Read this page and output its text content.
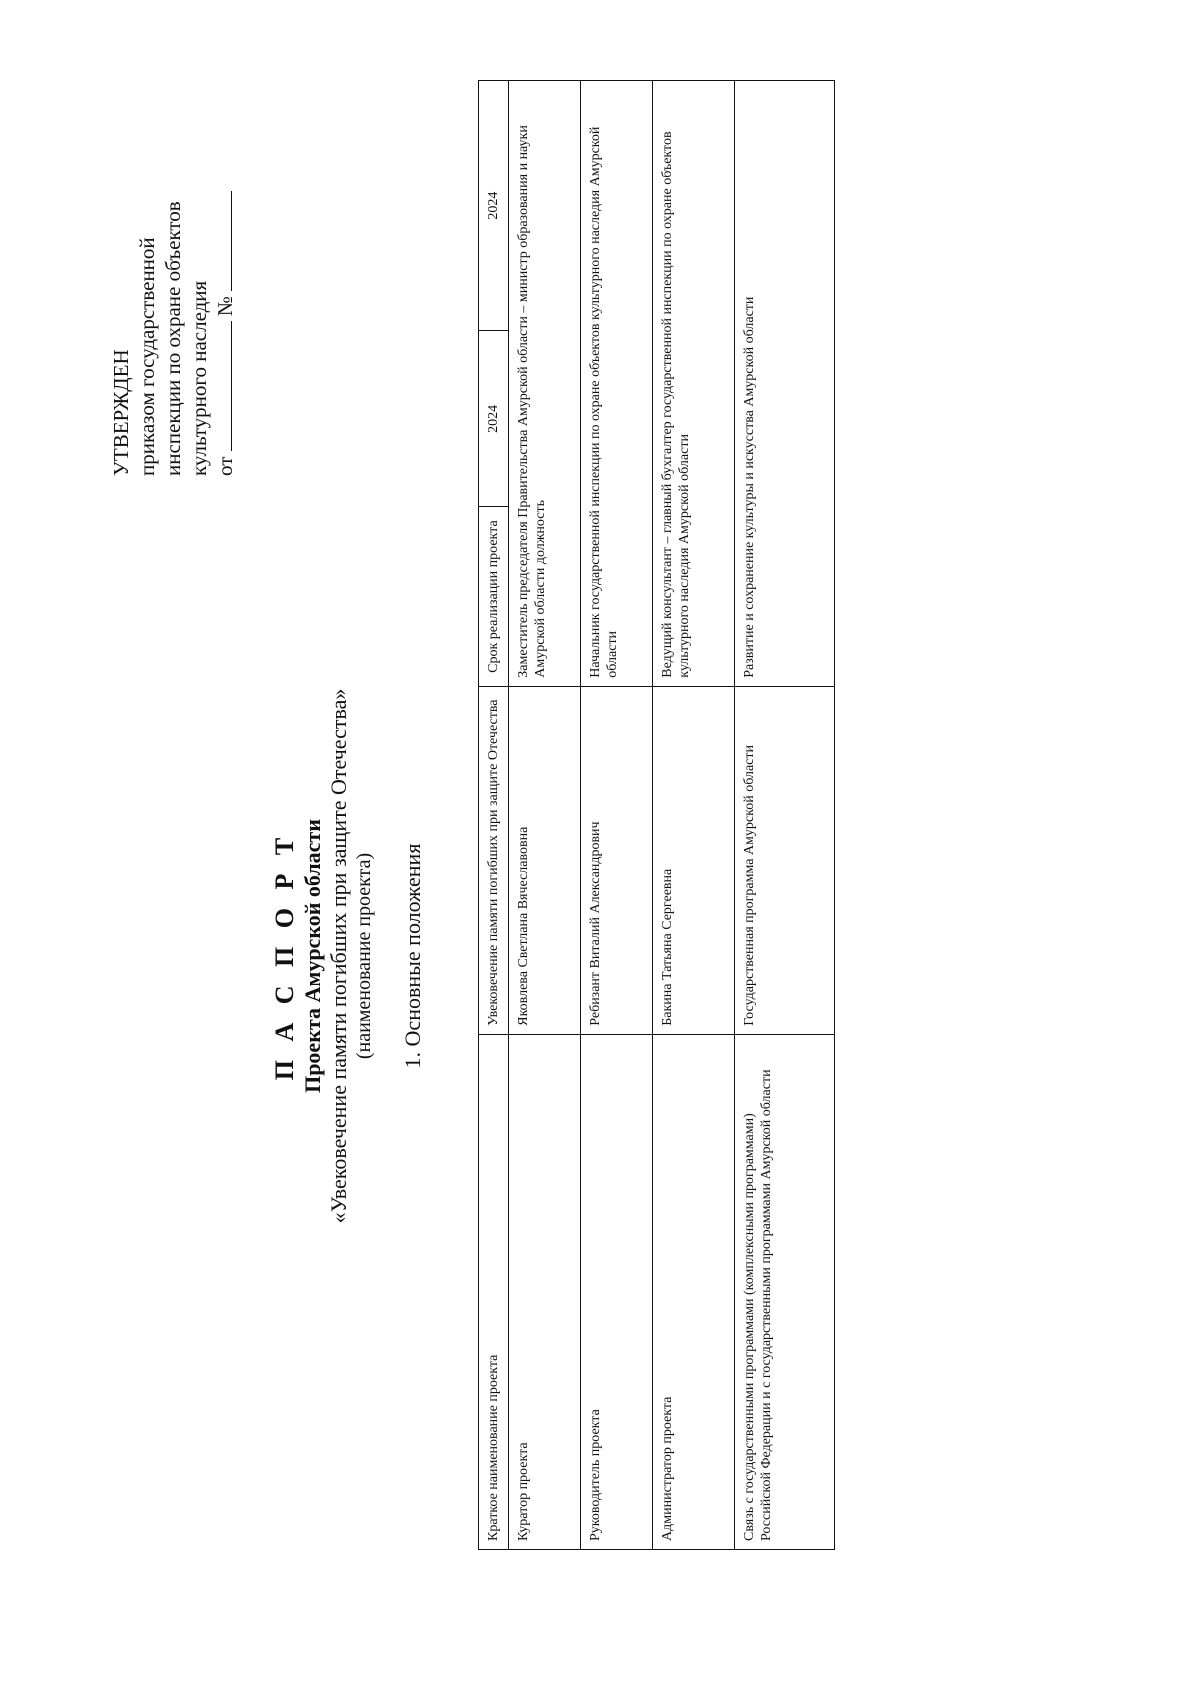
УТВЕРЖДЕН приказом государственной инспекции по охране объектов культурного наследия от  №
П А С П О Р Т Проекта Амурской области «Увековечение памяти погибших при защите Отечества» (наименование проекта) 1. Основные положения
Краткое наименование проекта	Увековечение памяти погибших при защите Отечества	Срок реализации проекта	2024	2024
Куратор проекта	Яковлева Светлана Вячеславовна	Заместитель председателя Правительства Амурской области – министр образования и науки Амурской области должность		
Руководитель проекта	Ребизант Виталий Александрович	Начальник государственной инспекции по охране объектов культурного наследия Амурской области		
Администратор проекта	Бакина Татьяна Сергеевна	Ведущий консультант – главный бухгалтер государственной инспекции по охране объектов культурного наследия Амурской области		
Связь с государственными программами (комплексными программами) Российской Федерации и с государственными программами Амурской области	Государственная программа Амурской области	Развитие и сохранение культуры и искусства Амурской области		
